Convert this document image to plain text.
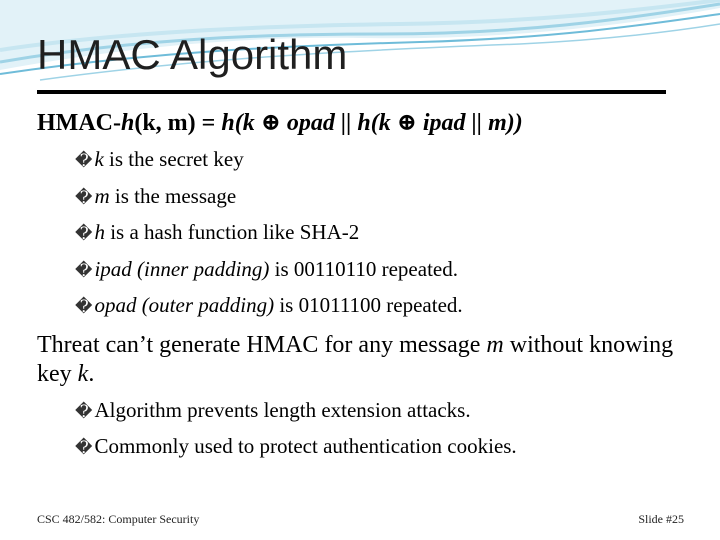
HMAC Algorithm
HMAC-h(k, m) = h(k ⊕ opad || h(k ⊕ ipad || m))
� k is the secret key
� m is the message
� h is a hash function like SHA-2
� ipad (inner padding) is 00110110 repeated.
� opad (outer padding) is 01011100 repeated.
Threat can’t generate HMAC for any message m without knowing key k.
� Algorithm prevents length extension attacks.
� Commonly used to protect authentication cookies.
CSC 482/582: Computer Security	Slide #25
